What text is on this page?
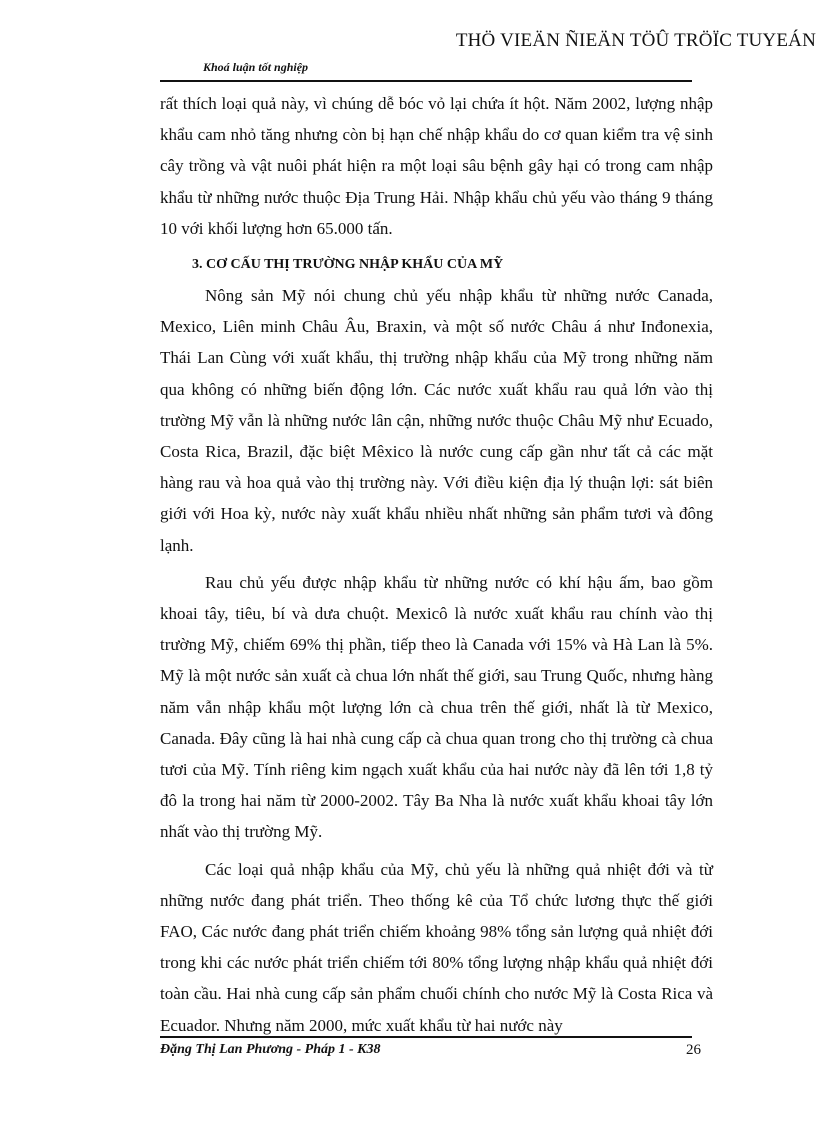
THÖ VIEÄN ÑIEÄN TÖÛ TRÖÏC TUYEÁN
Khoá luận tốt nghiệp

rất thích loại quả này, vì chúng dễ bóc vỏ lại chứa ít hột. Năm 2002, lượng nhập khẩu cam nhỏ tăng nhưng còn bị hạn chế nhập khẩu do cơ quan kiểm tra vệ sinh cây trồng và vật nuôi phát hiện ra một loại sâu bệnh gây hại có trong cam nhập khẩu từ những nước thuộc Địa Trung Hải. Nhập khẩu chủ yếu vào tháng 9 tháng 10 với khối lượng hơn 65.000 tấn.

3. CƠ CẤU THỊ TRƯỜNG NHẬP KHẨU CỦA MỸ

Nông sản Mỹ nói chung chủ yếu nhập khẩu từ những nước Canada, Mexico, Liên minh Châu Âu, Braxin, và một số nước Châu á như Inđonexia, Thái Lan Cùng với xuất khẩu, thị trường nhập khẩu của Mỹ trong những năm qua không có những biến động lớn. Các nước xuất khẩu rau quả lớn vào thị trường Mỹ vẫn là những nước lân cận, những nước thuộc Châu Mỹ như Ecuado, Costa Rica, Brazil, đặc biệt Mêxico là nước cung cấp gần như tất cả các mặt hàng rau và hoa quả vào thị trường này. Với điều kiện địa lý thuận lợi: sát biên giới với Hoa kỳ, nước này xuất khẩu nhiều nhất những sản phẩm tươi và đông lạnh.

Rau chủ yếu được nhập khẩu từ những nước có khí hậu ấm, bao gồm khoai tây, tiêu, bí và dưa chuột. Mexicô là nước xuất khẩu rau chính vào thị trường Mỹ, chiếm 69% thị phần, tiếp theo là Canada với 15% và Hà Lan là 5%. Mỹ là một nước sản xuất cà chua lớn nhất thế giới, sau Trung Quốc, nhưng hàng năm vẫn nhập khẩu một lượng lớn cà chua trên thế giới, nhất là từ Mexico, Canada. Đây cũng là hai nhà cung cấp cà chua quan trong cho thị trường cà chua tươi của Mỹ. Tính riêng kim ngạch xuất khẩu của hai nước này đã lên tới 1,8 tỷ đô la trong hai năm từ 2000-2002. Tây Ba Nha là nước xuất khẩu khoai tây lớn nhất vào thị trường Mỹ.

Các loại quả nhập khẩu của Mỹ, chủ yếu là những quả nhiệt đới và từ những nước đang phát triển. Theo thống kê của Tổ chức lương thực thế giới FAO, Các nước đang phát triển chiếm khoảng 98% tổng sản lượng quả nhiệt đới trong khi các nước phát triển chiếm tới 80% tổng lượng nhập khẩu quả nhiệt đới toàn cầu. Hai nhà cung cấp sản phẩm chuối chính cho nước Mỹ là Costa Rica và Ecuador. Nhưng năm 2000, mức xuất khẩu từ hai nước này

Đặng Thị Lan Phương - Pháp 1 - K38	26
